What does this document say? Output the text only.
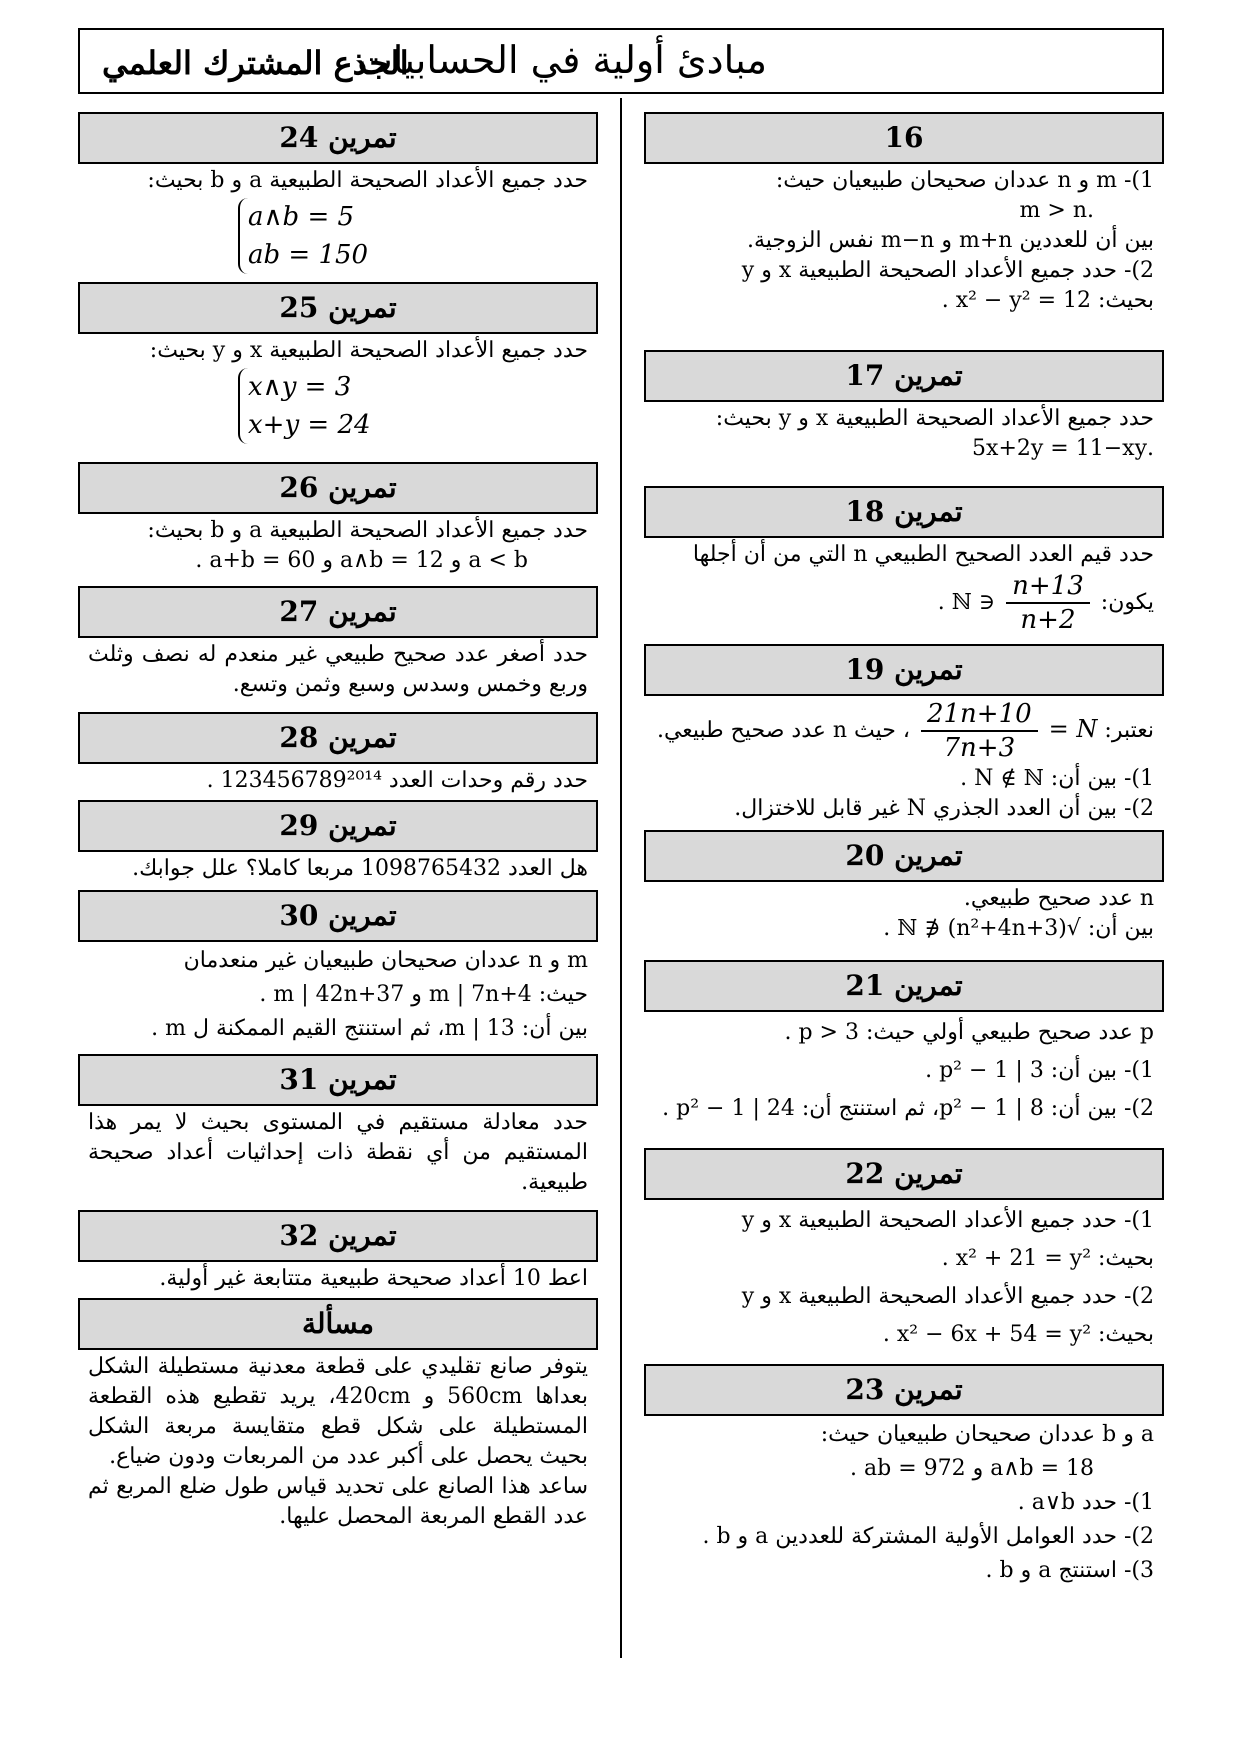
مبادئ أولية في الحسابيات
الجذع المشترك العلمي
16

1)- m و n عددان صحيحان طبيعيان حيث:

.m > n

بين أن للعددين m+n و m−n نفس الزوجية.

2)- حدد جميع الأعداد الصحيحة الطبيعية x و y

بحيث: x² − y² = 12 .

تمرين 17

حدد جميع الأعداد الصحيحة الطبيعية x و y بحيث:

.5x+2y = 11−xy

تمرين 18

حدد قيم العدد الصحيح الطبيعي n التي من أن أجلها

يكون:
$\frac{n+13}{n+2}$
∈ ℕ .

تمرين 19

نعتبر: N =
$\frac{21n+10}{7n+3}$
، حيث n عدد صحيح طبيعي.

1)- بين أن: N ∉ ℕ .

2)- بين أن العدد الجذري N غير قابل للاختزال.

تمرين 20

n عدد صحيح طبيعي.

بين أن: √(n²+4n+3) ∉ ℕ .

تمرين 21

p عدد صحيح طبيعي أولي حيث: p > 3 .

1)- بين أن: 3 | p² − 1 .

2)- بين أن: 8 | p² − 1، ثم استنتج أن: 24 | p² − 1 .

تمرين 22

1)- حدد جميع الأعداد الصحيحة الطبيعية x و y

بحيث: x² + 21 = y² .

2)- حدد جميع الأعداد الصحيحة الطبيعية x و y

بحيث: x² − 6x + 54 = y² .

تمرين 23

a و b عددان صحيحان طبيعيان حيث:

a∧b = 18 و ab = 972 .

1)- حدد a∨b .

2)- حدد العوامل الأولية المشتركة للعددين a و b .

3)- استنتج a و b .

تمرين 24

حدد جميع الأعداد الصحيحة الطبيعية a و b بحيث:

a∧b = 5
ab = 150
تمرين 25

حدد جميع الأعداد الصحيحة الطبيعية x و y بحيث:

x∧y = 3
x+y = 24
تمرين 26

حدد جميع الأعداد الصحيحة الطبيعية a و b بحيث:

a < b و a∧b = 12 و a+b = 60 .

تمرين 27

حدد أصغر عدد صحيح طبيعي غير منعدم له نصف وثلث وربع وخمس وسدس وسبع وثمن وتسع.

تمرين 28

حدد رقم وحدات العدد 123456789²⁰¹⁴ .

تمرين 29

هل العدد 1098765432 مربعا كاملا؟ علل جوابك.

تمرين 30

m و n عددان صحيحان طبيعيان غير منعدمان

حيث: m | 7n+4 و m | 42n+37 .

بين أن: m | 13، ثم استنتج القيم الممكنة ل m .

تمرين 31

حدد معادلة مستقيم في المستوى بحيث لا يمر هذا المستقيم من أي نقطة ذات إحداثيات أعداد صحيحة طبيعية.

تمرين 32

اعط 10 أعداد صحيحة طبيعية متتابعة غير أولية.

مسألة

يتوفر صانع تقليدي على قطعة معدنية مستطيلة الشكل بعداها 560cm و 420cm، يريد تقطيع هذه القطعة المستطيلة على شكل قطع متقايسة مربعة الشكل بحيث يحصل على أكبر عدد من المربعات ودون ضياع.

ساعد هذا الصانع على تحديد قياس طول ضلع المربع ثم عدد القطع المربعة المحصل عليها.
